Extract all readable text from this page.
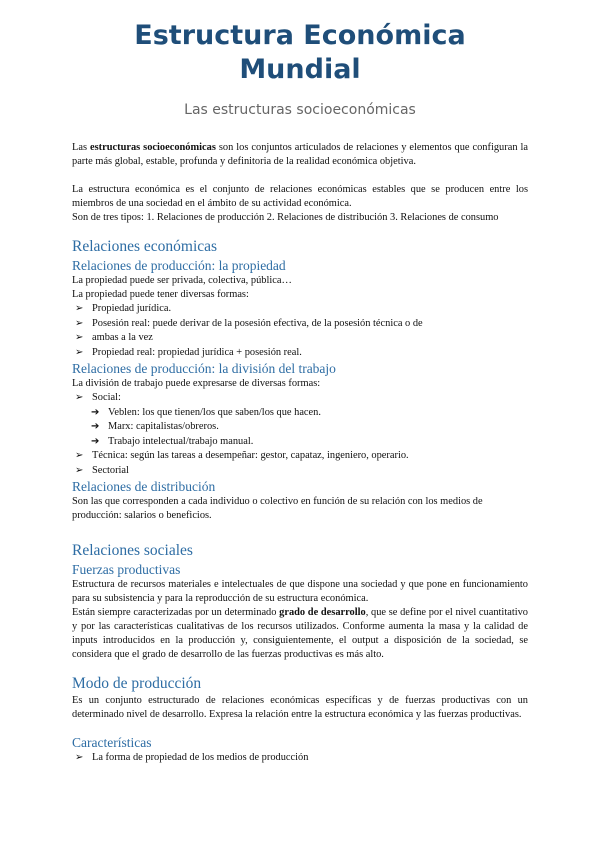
Estructura Económica Mundial
Las estructuras socioeconómicas

Las estructuras socioeconómicas son los conjuntos articulados de relaciones y elementos que configuran la parte más global, estable, profunda y definitoria de la realidad económica objetiva.

La estructura económica es el conjunto de relaciones económicas estables que se producen entre los miembros de una sociedad en el ámbito de su actividad económica.

Son de tres tipos: 1. Relaciones de producción 2. Relaciones de distribución 3. Relaciones de consumo

Relaciones económicas
Relaciones de producción: la propiedad

La propiedad puede ser privada, colectiva, pública…

La propiedad puede tener diversas formas:

➢ Propiedad jurídica.
➢ Posesión real: puede derivar de la posesión efectiva, de la posesión técnica o de
➢ ambas a la vez
➢ Propiedad real: propiedad jurídica + posesión real.
Relaciones de producción: la división del trabajo

La división de trabajo puede expresarse de diversas formas:

➢ Social:
➔ Veblen: los que tienen/los que saben/los que hacen.
➔ Marx: capitalistas/obreros.
➔ Trabajo intelectual/trabajo manual.
➢ Técnica: según las tareas a desempeñar: gestor, capataz, ingeniero, operario.
➢ Sectorial
Relaciones de distribución

Son las que corresponden a cada individuo o colectivo en función de su relación con los medios de producción: salarios o beneficios.

Relaciones sociales
Fuerzas productivas

Estructura de recursos materiales e intelectuales de que dispone una sociedad y que pone en funcionamiento para su subsistencia y para la reproducción de su estructura económica.

Están siempre caracterizadas por un determinado grado de desarrollo, que se define por el nivel cuantitativo y por las características cualitativas de los recursos utilizados. Conforme aumenta la masa y la calidad de inputs introducidos en la producción y, consiguientemente, el output a disposición de la sociedad, se considera que el grado de desarrollo de las fuerzas productivas es más alto.

Modo de producción

Es un conjunto estructurado de relaciones económicas específicas y de fuerzas productivas con un determinado nivel de desarrollo. Expresa la relación entre la estructura económica y las fuerzas productivas.

Características
➢ La forma de propiedad de los medios de producción
